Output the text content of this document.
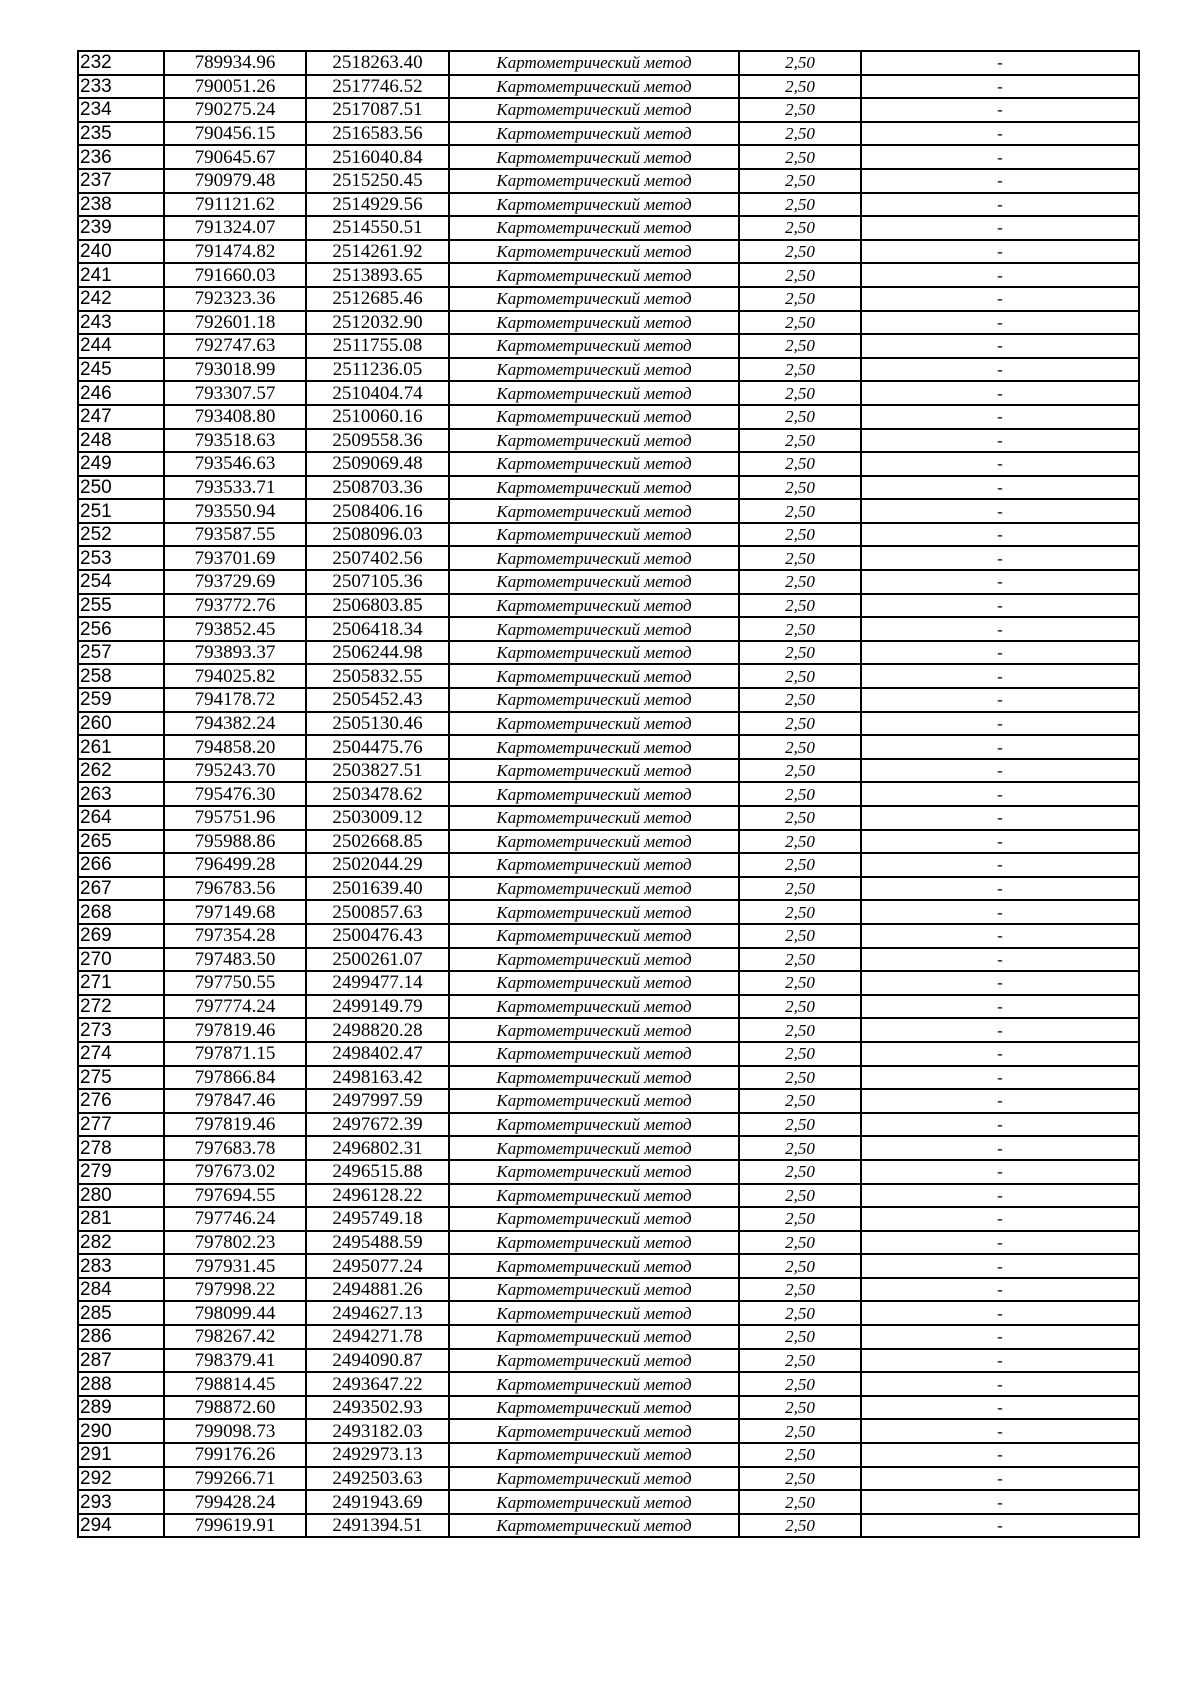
232	789934.96	2518263.40	Картометрический метод	2,50	-
233	790051.26	2517746.52	Картометрический метод	2,50	-
234	790275.24	2517087.51	Картометрический метод	2,50	-
235	790456.15	2516583.56	Картометрический метод	2,50	-
236	790645.67	2516040.84	Картометрический метод	2,50	-
237	790979.48	2515250.45	Картометрический метод	2,50	-
238	791121.62	2514929.56	Картометрический метод	2,50	-
239	791324.07	2514550.51	Картометрический метод	2,50	-
240	791474.82	2514261.92	Картометрический метод	2,50	-
241	791660.03	2513893.65	Картометрический метод	2,50	-
242	792323.36	2512685.46	Картометрический метод	2,50	-
243	792601.18	2512032.90	Картометрический метод	2,50	-
244	792747.63	2511755.08	Картометрический метод	2,50	-
245	793018.99	2511236.05	Картометрический метод	2,50	-
246	793307.57	2510404.74	Картометрический метод	2,50	-
247	793408.80	2510060.16	Картометрический метод	2,50	-
248	793518.63	2509558.36	Картометрический метод	2,50	-
249	793546.63	2509069.48	Картометрический метод	2,50	-
250	793533.71	2508703.36	Картометрический метод	2,50	-
251	793550.94	2508406.16	Картометрический метод	2,50	-
252	793587.55	2508096.03	Картометрический метод	2,50	-
253	793701.69	2507402.56	Картометрический метод	2,50	-
254	793729.69	2507105.36	Картометрический метод	2,50	-
255	793772.76	2506803.85	Картометрический метод	2,50	-
256	793852.45	2506418.34	Картометрический метод	2,50	-
257	793893.37	2506244.98	Картометрический метод	2,50	-
258	794025.82	2505832.55	Картометрический метод	2,50	-
259	794178.72	2505452.43	Картометрический метод	2,50	-
260	794382.24	2505130.46	Картометрический метод	2,50	-
261	794858.20	2504475.76	Картометрический метод	2,50	-
262	795243.70	2503827.51	Картометрический метод	2,50	-
263	795476.30	2503478.62	Картометрический метод	2,50	-
264	795751.96	2503009.12	Картометрический метод	2,50	-
265	795988.86	2502668.85	Картометрический метод	2,50	-
266	796499.28	2502044.29	Картометрический метод	2,50	-
267	796783.56	2501639.40	Картометрический метод	2,50	-
268	797149.68	2500857.63	Картометрический метод	2,50	-
269	797354.28	2500476.43	Картометрический метод	2,50	-
270	797483.50	2500261.07	Картометрический метод	2,50	-
271	797750.55	2499477.14	Картометрический метод	2,50	-
272	797774.24	2499149.79	Картометрический метод	2,50	-
273	797819.46	2498820.28	Картометрический метод	2,50	-
274	797871.15	2498402.47	Картометрический метод	2,50	-
275	797866.84	2498163.42	Картометрический метод	2,50	-
276	797847.46	2497997.59	Картометрический метод	2,50	-
277	797819.46	2497672.39	Картометрический метод	2,50	-
278	797683.78	2496802.31	Картометрический метод	2,50	-
279	797673.02	2496515.88	Картометрический метод	2,50	-
280	797694.55	2496128.22	Картометрический метод	2,50	-
281	797746.24	2495749.18	Картометрический метод	2,50	-
282	797802.23	2495488.59	Картометрический метод	2,50	-
283	797931.45	2495077.24	Картометрический метод	2,50	-
284	797998.22	2494881.26	Картометрический метод	2,50	-
285	798099.44	2494627.13	Картометрический метод	2,50	-
286	798267.42	2494271.78	Картометрический метод	2,50	-
287	798379.41	2494090.87	Картометрический метод	2,50	-
288	798814.45	2493647.22	Картометрический метод	2,50	-
289	798872.60	2493502.93	Картометрический метод	2,50	-
290	799098.73	2493182.03	Картометрический метод	2,50	-
291	799176.26	2492973.13	Картометрический метод	2,50	-
292	799266.71	2492503.63	Картометрический метод	2,50	-
293	799428.24	2491943.69	Картометрический метод	2,50	-
294	799619.91	2491394.51	Картометрический метод	2,50	-
